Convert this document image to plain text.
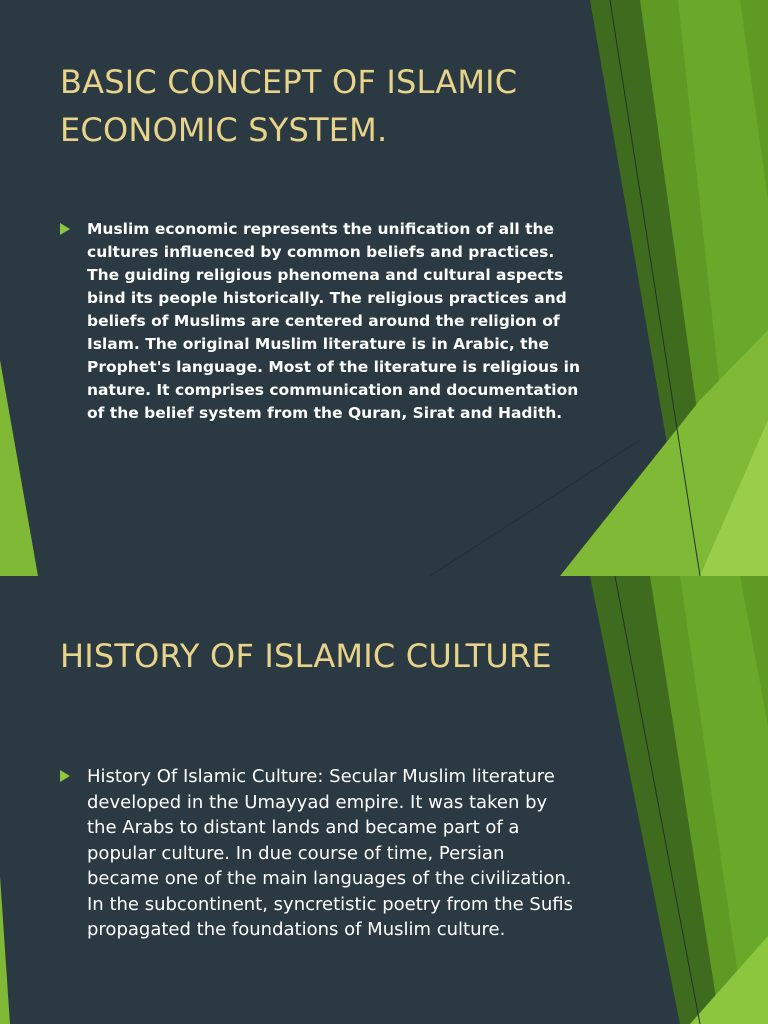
BASIC CONCEPT OF ISLAMIC ECONOMIC SYSTEM.

Muslim economic represents the unification of all the cultures influenced by common beliefs and practices. The guiding religious phenomena and cultural aspects bind its people historically. The religious practices and beliefs of Muslims are centered around the religion of Islam. The original Muslim literature is in Arabic, the Prophet's language. Most of the literature is religious in nature. It comprises communication and documentation of the belief system from the Quran, Sirat and Hadith.

HISTORY OF ISLAMIC CULTURE

History Of Islamic Culture: Secular Muslim literature developed in the Umayyad empire. It was taken by the Arabs to distant lands and became part of a popular culture. In due course of time, Persian became one of the main languages of the civilization. In the subcontinent, syncretistic poetry from the Sufis propagated the foundations of Muslim culture.
